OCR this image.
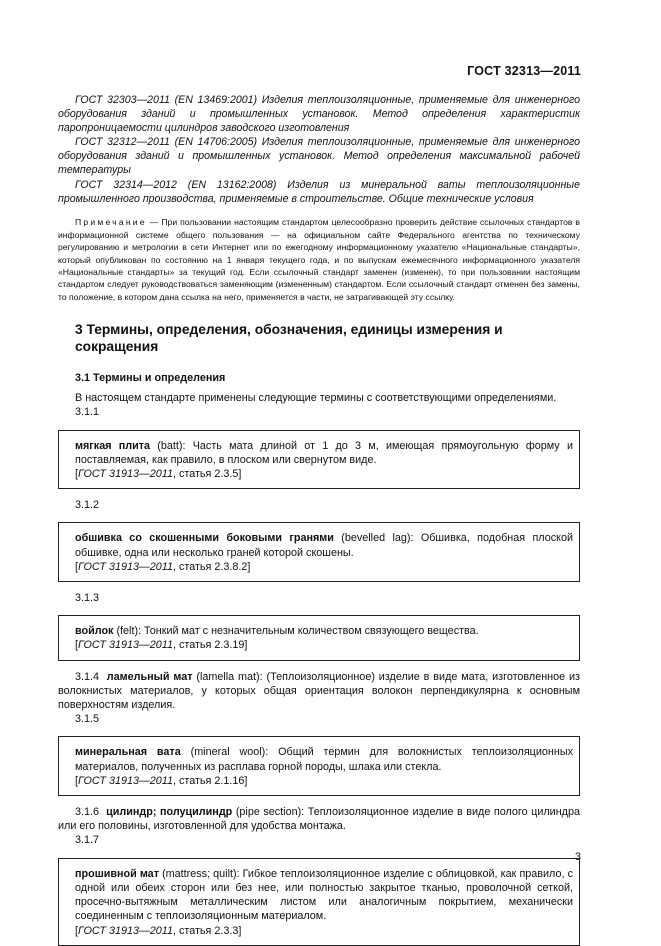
ГОСТ 32313—2011

ГОСТ 32303—2011 (EN 13469:2001) Изделия теплоизоляционные, применяемые для инженерного оборудования зданий и промышленных установок. Метод определения характеристик паропроницаемости цилиндров заводского изготовления

ГОСТ 32312—2011 (EN 14706:2005) Изделия теплоизоляционные, применяемые для инженерного оборудования зданий и промышленных установок. Метод определения максимальной рабочей температуры

ГОСТ 32314—2012 (EN 13162:2008) Изделия из минеральной ваты теплоизоляционные промышленного производства, применяемые в строительстве. Общие технические условия

Примечание — При пользовании настоящим стандартом целесообразно проверить действие ссылочных стандартов в информационной системе общего пользования — на официальном сайте Федерального агентства по техническому регулированию и метрологии в сети Интернет или по ежегодному информационному указателю «Национальные стандарты», который опубликован по состоянию на 1 января текущего года, и по выпускам ежемесячного информационного указателя «Национальные стандарты» за текущий год. Если ссылочный стандарт заменен (изменен), то при пользовании настоящим стандартом следует руководствоваться заменяющим (измененным) стандартом. Если ссылочный стандарт отменен без замены, то положение, в котором дана ссылка на него, применяется в части, не затрагивающей эту ссылку.

3 Термины, определения, обозначения, единицы измерения и сокращения
3.1 Термины и определения

В настоящем стандарте применены следующие термины с соответствующими определениями.

3.1.1

мягкая плита (batt): Часть мата длиной от 1 до 3 м, имеющая прямоугольную форму и поставляемая, как правило, в плоском или свернутом виде.
[ГОСТ 31913—2011, статья 2.3.5]

3.1.2

обшивка со скошенными боковыми гранями (bevelled lag): Обшивка, подобная плоской обшивке, одна или несколько граней которой скошены.
[ГОСТ 31913—2011, статья 2.3.8.2]

3.1.3

войлок (felt): Тонкий мат с незначительным количеством связующего вещества.
[ГОСТ 31913—2011, статья 2.3.19]

3.1.4 ламельный мат (lamella mat): (Теплоизоляционное) изделие в виде мата, изготовленное из волокнистых материалов, у которых общая ориентация волокон перпендикулярна к основным поверхностям изделия.

3.1.5

минеральная вата (mineral wool): Общий термин для волокнистых теплоизоляционных материалов, полученных из расплава горной породы, шлака или стекла.
[ГОСТ 31913—2011, статья 2.1.16]

3.1.6 цилиндр; полуцилиндр (pipe section): Теплоизоляционное изделие в виде полого цилиндра или его половины, изготовленной для удобства монтажа.

3.1.7

прошивной мат (mattress; quilt): Гибкое теплоизоляционное изделие с облицовкой, как правило, с одной или обеих сторон или без нее, или полностью закрытое тканью, проволочной сеткой, просечно-вытяжным металлическим листом или аналогичным покрытием, механически соединенным с теплоизоляционным материалом.
[ГОСТ 31913—2011, статья 2.3.3]
3
